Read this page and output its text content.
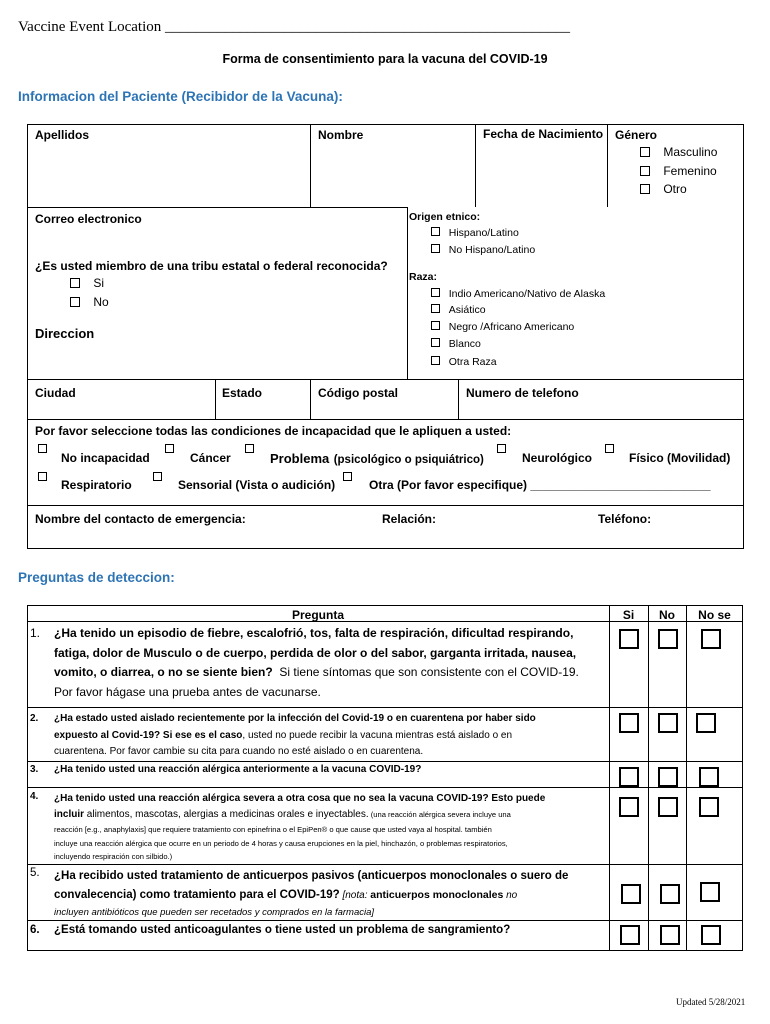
Vaccine Event Location ______________________________________________________
Forma de consentimiento para la vacuna del COVID-19
Informacion del Paciente (Recibidor de la Vacuna):
Apellidos	Nombre	Fecha de Nacimiento Género
Masculino
Femenino
Otro
Correo electronico
¿Es usted miembro de una tribu estatal o federal reconocida?
Si
No
Direccion
Origen etnico:
Hispano/Latino
No Hispano/Latino
Raza:
Indio Americano/Nativo de Alaska
Asiático
Negro /Africano Americano
Blanco
Otra Raza
Ciudad	Estado	Código postal	Numero de telefono
Por favor seleccione todas las condiciones de incapacidad que le apliquen a usted:
No incapacidad	Cáncer	Problema (psicológico o psiquiátrico)	Neurológico	Físico (Movilidad)
Respiratorio	Sensorial (Vista o audición)	Otra (Por favor especifique) ___________________________
Nombre del contacto de emergencia:	Relación:	Teléfono:
Preguntas de deteccion:
Pregunta	Si	No	No se
1. ¿Ha tenido un episodio de fiebre, escalofrió, tos, falta de respiración, dificultad respirando,
fatiga, dolor de Musculo o de cuerpo, perdida de olor o del sabor, garganta irritada, nausea,
vomito, o diarrea, o no se siente bien? Si tiene síntomas que son consistente con el COVID-19.
Por favor hágase una prueba antes de vacunarse.
2. ¿Ha estado usted aislado recientemente por la infección del Covid-19 o en cuarentena por haber sido
expuesto al Covid-19? Si ese es el caso, usted no puede recibir la vacuna mientras está aislado o en
cuarentena. Por favor cambie su cita para cuando no esté aislado o en cuarentena.
3. ¿Ha tenido usted una reacción alérgica anteriormente a la vacuna COVID-19?
4. ¿Ha tenido usted una reacción alérgica severa a otra cosa que no sea la vacuna COVID-19? Esto puede
incluir alimentos, mascotas, alergias a medicinas orales e inyectables. (una reacción alérgica severa incluye una
reacción [e.g., anaphylaxis] que requiere tratamiento con epinefrina o el EpiPen® o que cause que usted vaya al hospital. también
incluye una reacción alérgica que ocurre en un periodo de 4 horas y causa erupciones en la piel, hinchazón, o problemas respiratorios,
incluyendo respiración con silbido.)
5. ¿Ha recibido usted tratamiento de anticuerpos pasivos (anticuerpos monoclonales o suero de
convalecencia) como tratamiento para el COVID-19? [nota: anticuerpos monoclonales no
incluyen antibióticos que pueden ser recetados y comprados en la farmacia]
6. ¿Está tomando usted anticoagulantes o tiene usted un problema de sangramiento?
Updated 5/28/2021
